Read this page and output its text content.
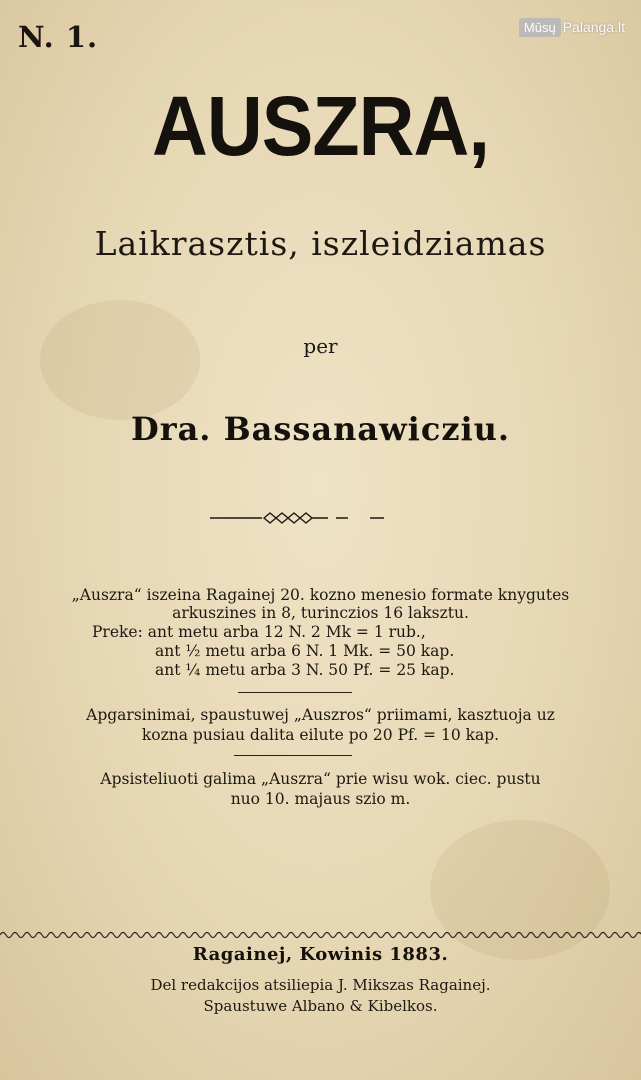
N. 1.	Mūsų Palanga.lt
AUSZRA,
Laikrasztis, iszleidziamas
per
Dra. Bassanawicziu.
„Auszra“ iszeina Ragainej 20. kozno menesio formate knygutes
arkuszines in 8, turinczios 16 laksztu.
Preke: ant metu arba 12 N. 2 Mk = 1 rub.,
ant ½ metu arba 6 N. 1 Mk. = 50 kap.
ant ¼ metu arba 3 N. 50 Pf. = 25 kap.
Apgarsinimai, spaustuwej „Auszros“ priimami, kasztuoja uz
kozna pusiau dalita eilute po 20 Pf. = 10 kap.
Apsisteliuoti galima „Auszra“ prie wisu wok. ciec. pustu
nuo 10. majaus szio m.
Ragainej, Kowinis 1883.
Del redakcijos atsiliepia J. Mikszas Ragainej.
Spaustuwe Albano & Kibelkos.
